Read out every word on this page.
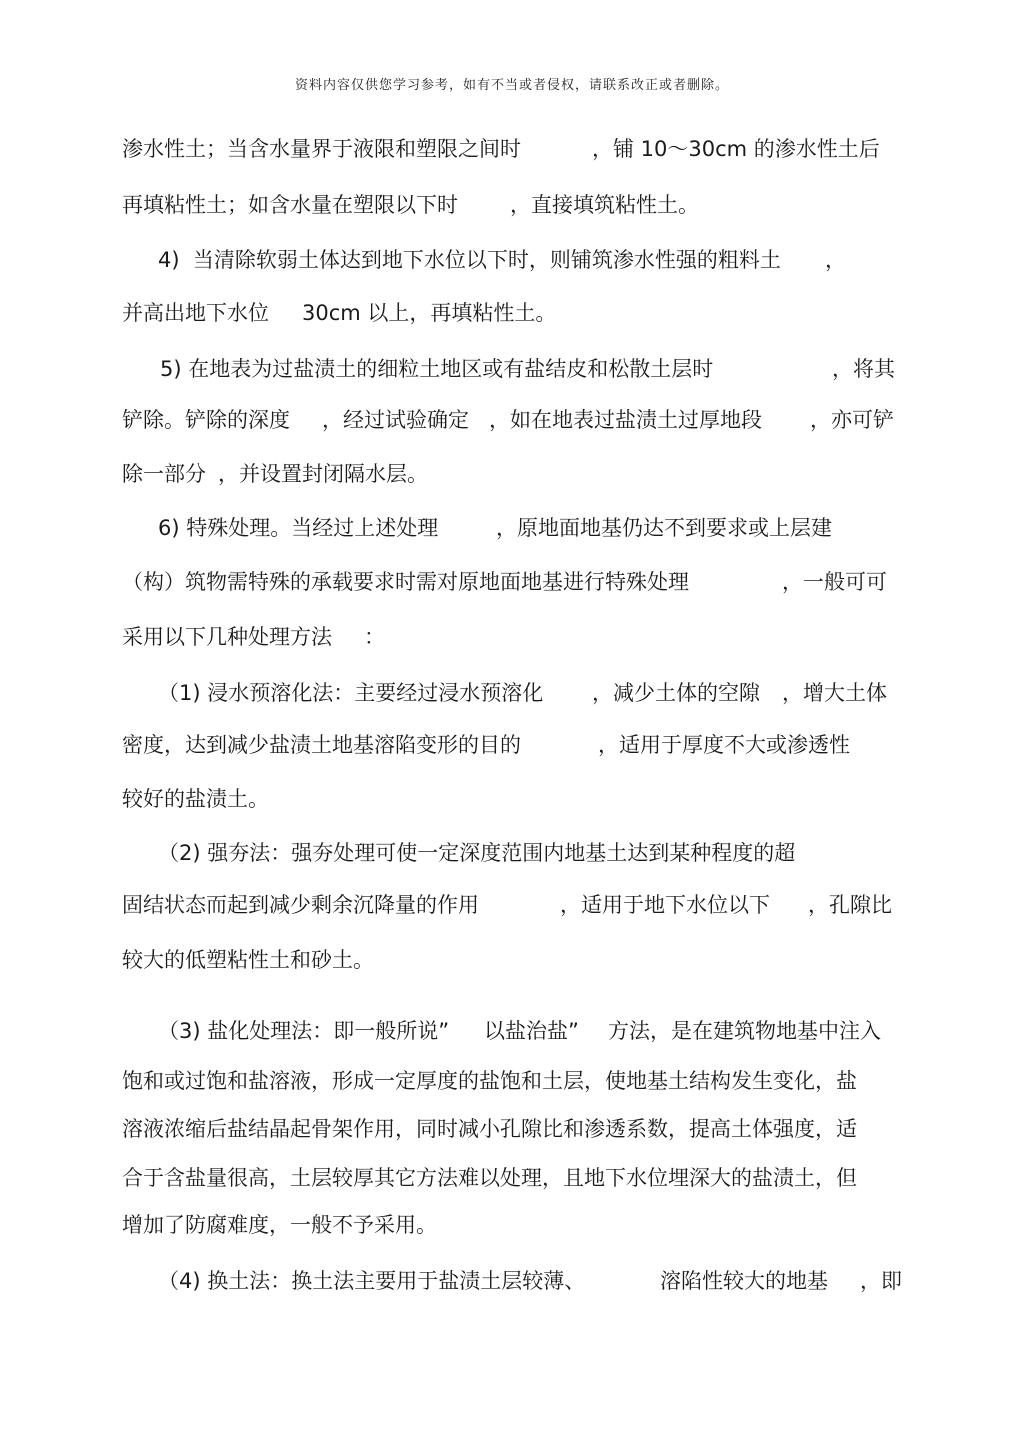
资料内容仅供您学习参考，如有不当或者侵权，请联系改正或者删除。
渗水性土；当含水量界于液限和塑限之间时	，铺 10～30cm 的渗水性土后
再填粘性土；如含水量在塑限以下时 ，直接填筑粘性土。
4)  当清除软弱土体达到地下水位以下时，则铺筑渗水性强的粗料土 ，
并高出地下水位 30cm 以上，再填粘性土。
5) 在地表为过盐渍土的细粒土地区或有盐结皮和松散土层时	，将其
铲除。铲除的深度 ，经过试验确定 ，如在地表过盐渍土过厚地段 ，亦可铲
除一部分 ，并设置封闭隔水层。
6) 特殊处理。当经过上述处理	，原地面地基仍达不到要求或上层建
（构）筑物需特殊的承载要求时需对原地面地基进行特殊处理	，一般可可
采用以下几种处理方法 ：
（1) 浸水预溶化法：主要经过浸水预溶化 ，减少土体的空隙 ，增大土体
密度，达到减少盐渍土地基溶陷变形的目的	，适用于厚度不大或渗透性
较好的盐渍土。
（2) 强夯法：强夯处理可使一定深度范围内地基土达到某种程度的超
固结状态而起到减少剩余沉降量的作用	，适用于地下水位以下 ，孔隙比
较大的低塑粘性土和砂土。
（3) 盐化处理法：即一般所说” 以盐治盐” 方法，是在建筑物地基中注入
饱和或过饱和盐溶液，形成一定厚度的盐饱和土层，使地基土结构发生变化，盐
溶液浓缩后盐结晶起骨架作用，同时减小孔隙比和渗透系数，提高土体强度，适
合于含盐量很高，土层较厚其它方法难以处理，且地下水位埋深大的盐渍土，但
增加了防腐难度，一般不予采用。
（4) 换土法：换土法主要用于盐渍土层较薄、	溶陷性较大的地基 ，即
